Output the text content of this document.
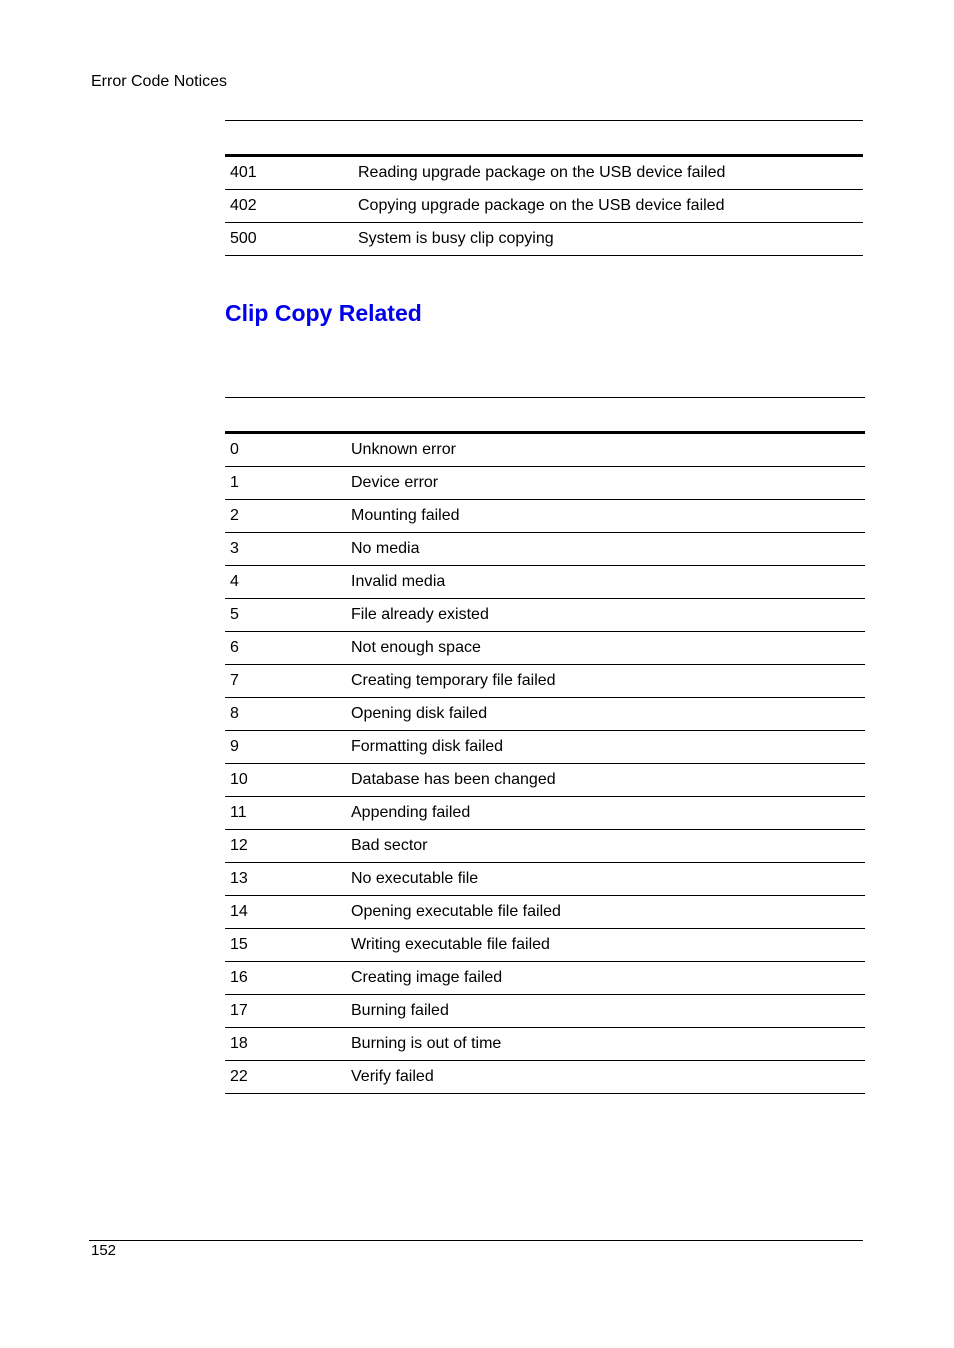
Error Code Notices
401	Reading upgrade package on the USB device failed
402	Copying upgrade package on the USB device failed
500	System is busy clip copying
Clip Copy Related
0	Unknown error
1	Device error
2	Mounting failed
3	No media
4	Invalid media
5	File already existed
6	Not enough space
7	Creating temporary file failed
8	Opening disk failed
9	Formatting disk failed
10	Database has been changed
11	Appending failed
12	Bad sector
13	No executable file
14	Opening executable file failed
15	Writing executable file failed
16	Creating image failed
17	Burning failed
18	Burning is out of time
22	Verify failed
152
